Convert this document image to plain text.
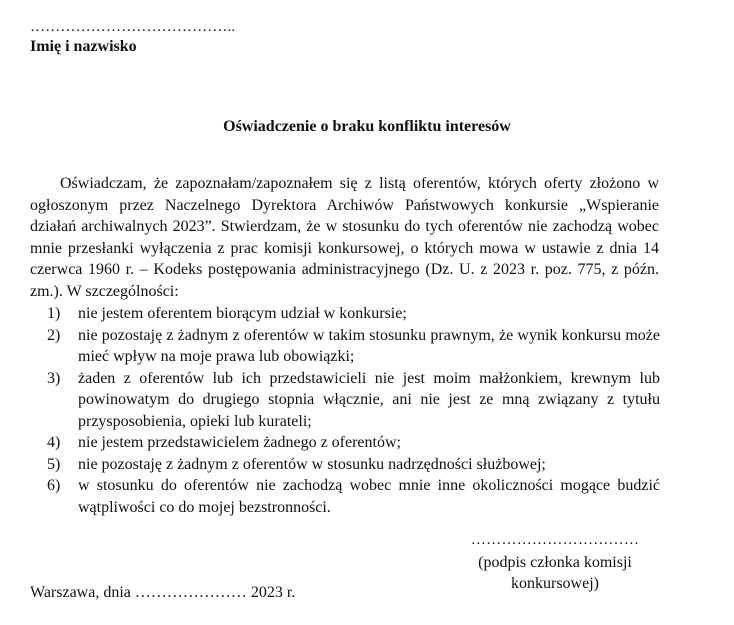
…………………………………..
Imię i nazwisko
Oświadczenie o braku konfliktu interesów

Oświadczam, że zapoznałam/zapoznałem się z listą oferentów, których oferty złożono w ogłoszonym przez Naczelnego Dyrektora Archiwów Państwowych konkursie „Wspieranie działań archiwalnych 2023”. Stwierdzam, że w stosunku do tych oferentów nie zachodzą wobec mnie przesłanki wyłączenia z prac komisji konkursowej, o których mowa w ustawie z dnia 14 czerwca 1960 r. – Kodeks postępowania administracyjnego (Dz. U. z 2023 r. poz. 775, z późn. zm.). W szczególności:

1) nie jestem oferentem biorącym udział w konkursie;
2) nie pozostaję z żadnym z oferentów w takim stosunku prawnym, że wynik konkursu może mieć wpływ na moje prawa lub obowiązki;
3) żaden z oferentów lub ich przedstawicieli nie jest moim małżonkiem, krewnym lub powinowatym do drugiego stopnia włącznie, ani nie jest ze mną związany z tytułu przysposobienia, opieki lub kurateli;
4) nie jestem przedstawicielem żadnego z oferentów;
5) nie pozostaję z żadnym z oferentów w stosunku nadrzędności służbowej;
6) w stosunku do oferentów nie zachodzą wobec mnie inne okoliczności mogące budzić wątpliwości co do mojej bezstronności.
……………………………
(podpis członka komisji
konkursowej)
Warszawa, dnia ………………… 2023 r.
